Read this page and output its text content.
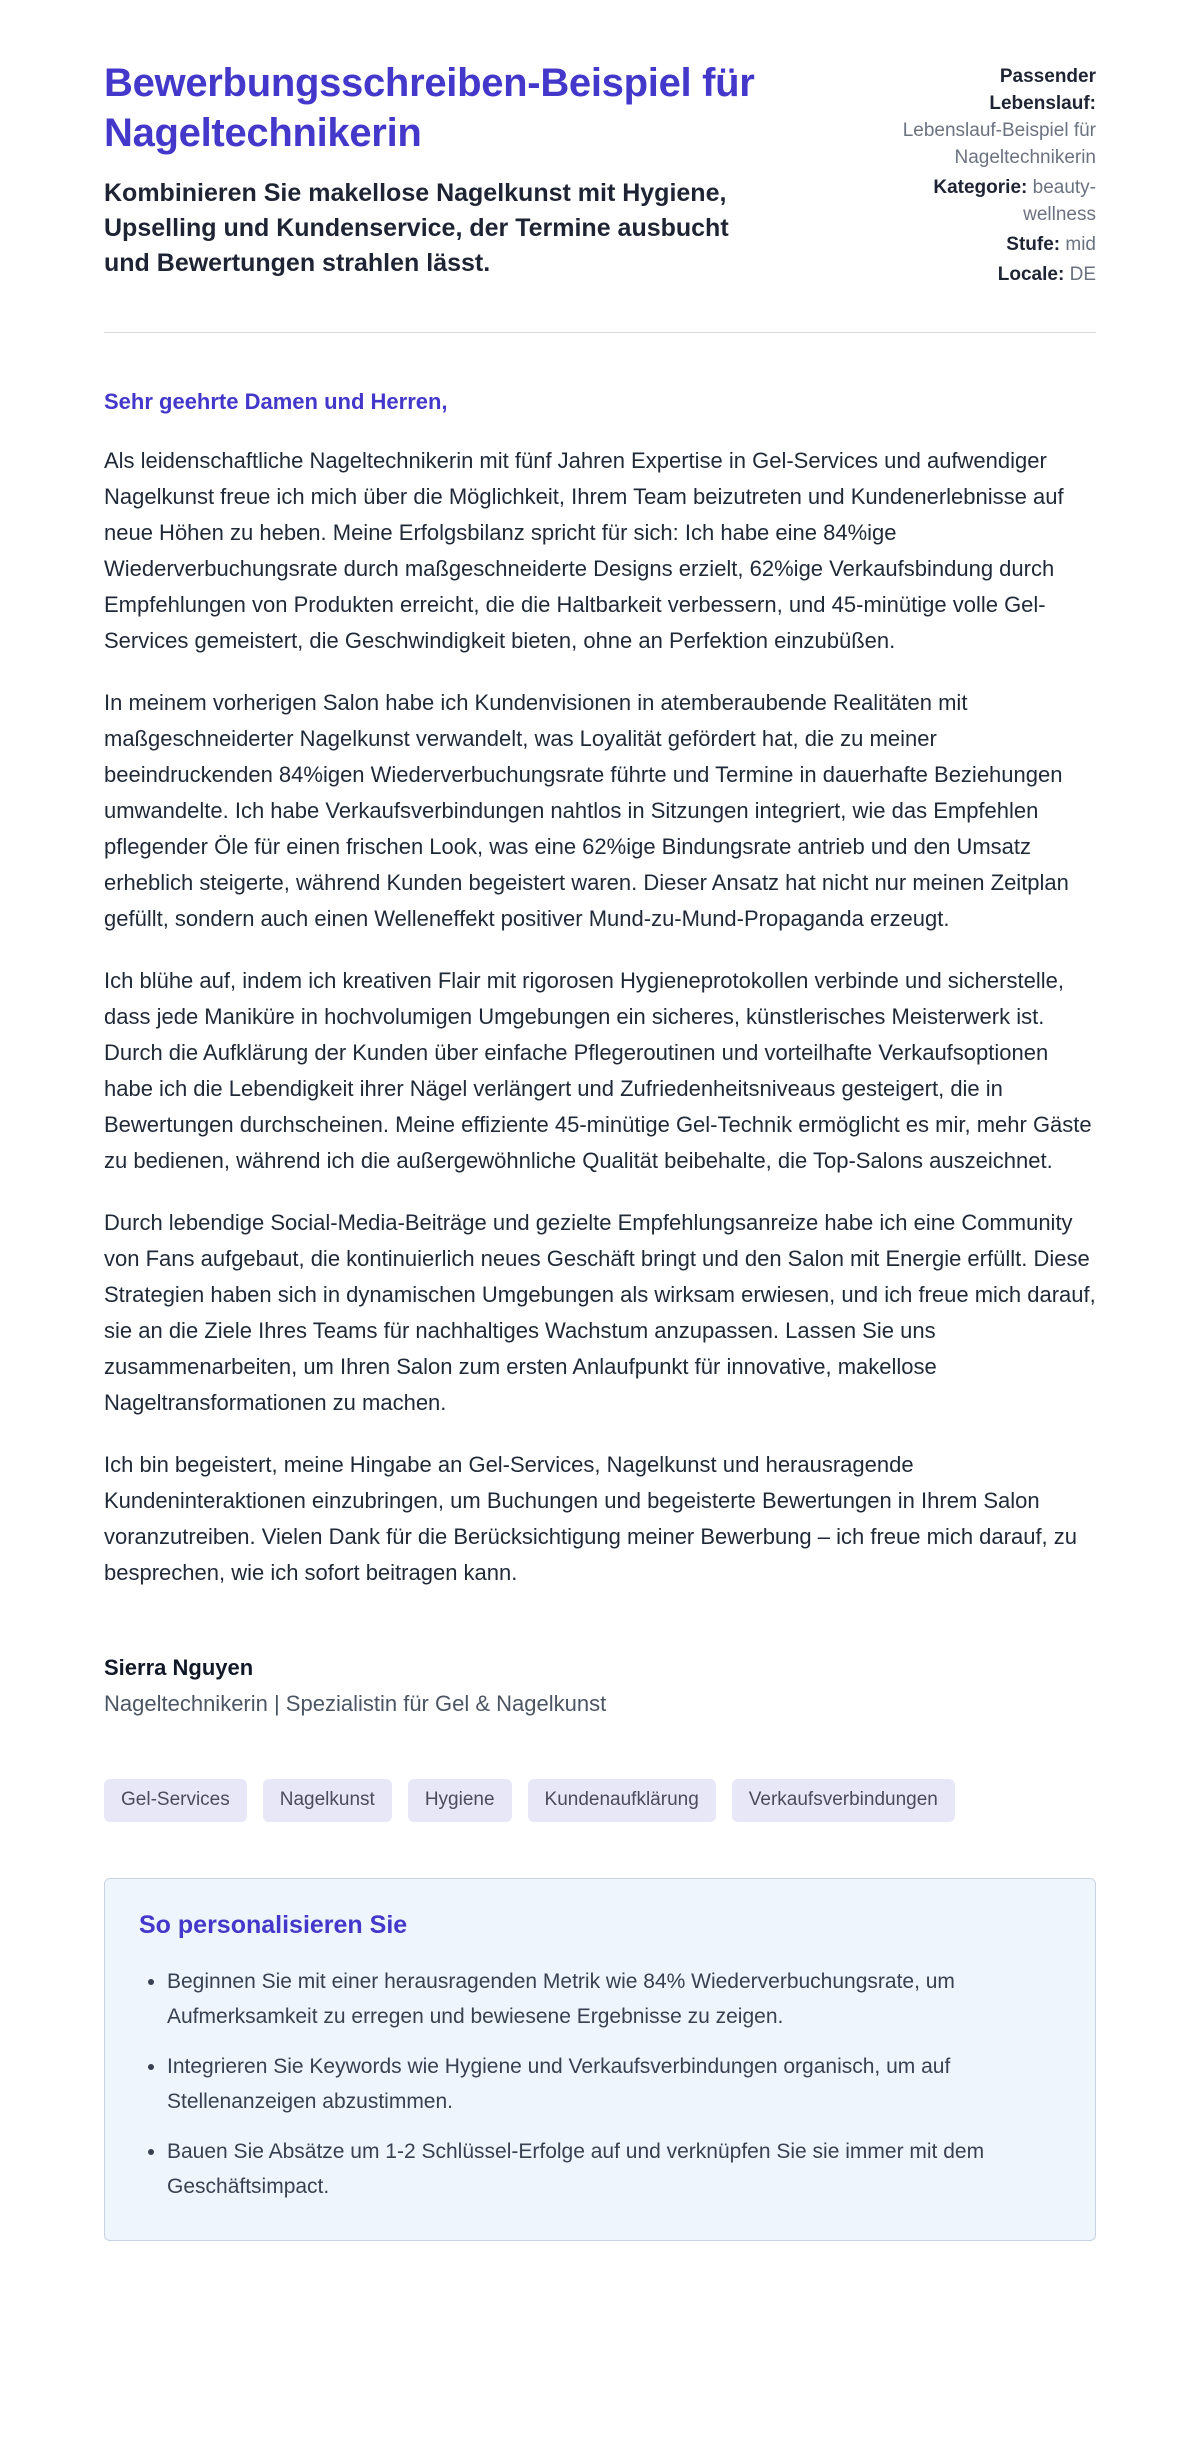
Bewerbungsschreiben-Beispiel für Nageltechnikerin

Kombinieren Sie makellose Nagelkunst mit Hygiene, Upselling und Kundenservice, der Termine ausbucht und Bewertungen strahlen lässt.

Passender Lebenslauf: Lebenslauf-Beispiel für Nageltechnikerin
Kategorie: beauty-wellness
Stufe: mid
Locale: DE

Sehr geehrte Damen und Herren,

Als leidenschaftliche Nageltechnikerin mit fünf Jahren Expertise in Gel-Services und aufwendiger Nagelkunst freue ich mich über die Möglichkeit, Ihrem Team beizutreten und Kundenerlebnisse auf neue Höhen zu heben. Meine Erfolgsbilanz spricht für sich: Ich habe eine 84%ige Wiederverbuchungsrate durch maßgeschneiderte Designs erzielt, 62%ige Verkaufsbindung durch Empfehlungen von Produkten erreicht, die die Haltbarkeit verbessern, und 45-minütige volle Gel-Services gemeistert, die Geschwindigkeit bieten, ohne an Perfektion einzubüßen.

In meinem vorherigen Salon habe ich Kundenvisionen in atemberaubende Realitäten mit maßgeschneiderter Nagelkunst verwandelt, was Loyalität gefördert hat, die zu meiner beeindruckenden 84%igen Wiederverbuchungsrate führte und Termine in dauerhafte Beziehungen umwandelte. Ich habe Verkaufsverbindungen nahtlos in Sitzungen integriert, wie das Empfehlen pflegender Öle für einen frischen Look, was eine 62%ige Bindungsrate antrieb und den Umsatz erheblich steigerte, während Kunden begeistert waren. Dieser Ansatz hat nicht nur meinen Zeitplan gefüllt, sondern auch einen Welleneffekt positiver Mund-zu-Mund-Propaganda erzeugt.

Ich blühe auf, indem ich kreativen Flair mit rigorosen Hygieneprotokollen verbinde und sicherstelle, dass jede Maniküre in hochvolumigen Umgebungen ein sicheres, künstlerisches Meisterwerk ist. Durch die Aufklärung der Kunden über einfache Pflegeroutinen und vorteilhafte Verkaufsoptionen habe ich die Lebendigkeit ihrer Nägel verlängert und Zufriedenheitsniveaus gesteigert, die in Bewertungen durchscheinen. Meine effiziente 45-minütige Gel-Technik ermöglicht es mir, mehr Gäste zu bedienen, während ich die außergewöhnliche Qualität beibehalte, die Top-Salons auszeichnet.

Durch lebendige Social-Media-Beiträge und gezielte Empfehlungsanreize habe ich eine Community von Fans aufgebaut, die kontinuierlich neues Geschäft bringt und den Salon mit Energie erfüllt. Diese Strategien haben sich in dynamischen Umgebungen als wirksam erwiesen, und ich freue mich darauf, sie an die Ziele Ihres Teams für nachhaltiges Wachstum anzupassen. Lassen Sie uns zusammenarbeiten, um Ihren Salon zum ersten Anlaufpunkt für innovative, makellose Nageltransformationen zu machen.

Ich bin begeistert, meine Hingabe an Gel-Services, Nagelkunst und herausragende Kundeninteraktionen einzubringen, um Buchungen und begeisterte Bewertungen in Ihrem Salon voranzutreiben. Vielen Dank für die Berücksichtigung meiner Bewerbung – ich freue mich darauf, zu besprechen, wie ich sofort beitragen kann.

Sierra Nguyen

Nageltechnikerin | Spezialistin für Gel & Nagelkunst

Gel-Services	Nagelkunst	Hygiene	Kundenaufklärung	Verkaufsverbindungen
So personalisieren Sie
• Beginnen Sie mit einer herausragenden Metrik wie 84% Wiederverbuchungsrate, um Aufmerksamkeit zu erregen und bewiesene Ergebnisse zu zeigen.
• Integrieren Sie Keywords wie Hygiene und Verkaufsverbindungen organisch, um auf Stellenanzeigen abzustimmen.
• Bauen Sie Absätze um 1-2 Schlüssel-Erfolge auf und verknüpfen Sie sie immer mit dem Geschäftsimpact.
